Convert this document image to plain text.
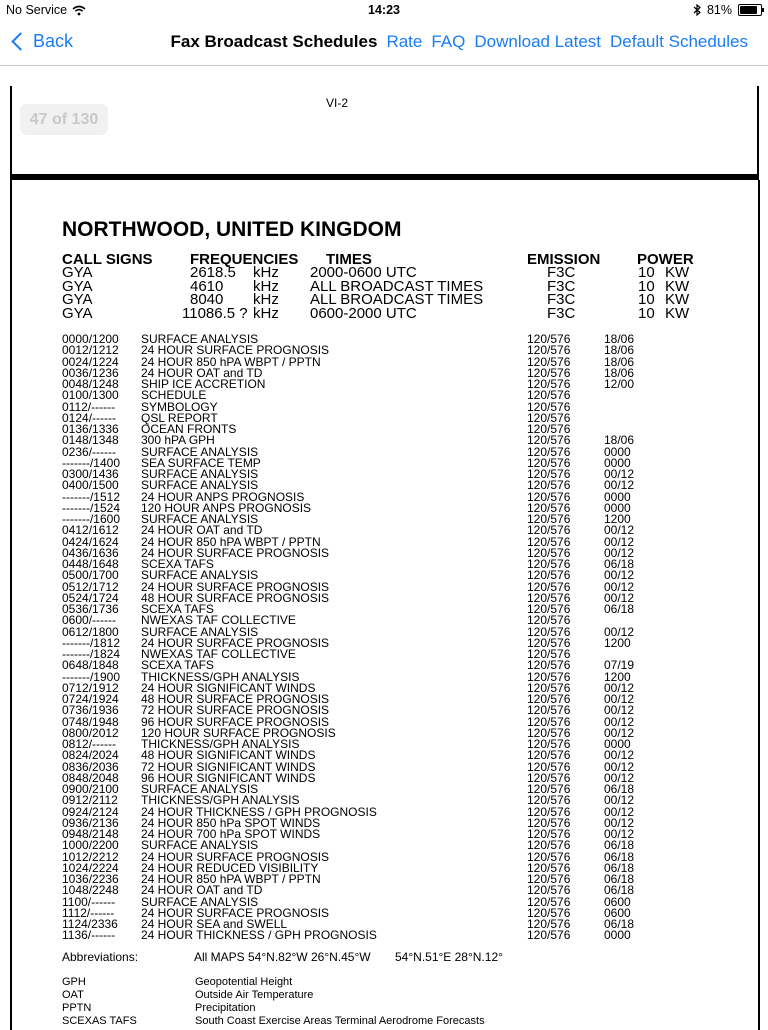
No Service	14:23	81%
Back	Fax Broadcast Schedules Rate FAQ Download Latest Default Schedules
VI-2
47 of 130
NORTHWOOD, UNITED KINGDOM
CALL SIGNS FREQUENCIES TIMES	EMISSION POWER
GYA	2618.5 kHz 2000-0600 UTC	F3C	10 KW
GYA	4610 kHz ALL BROADCAST TIMES	F3C	10 KW
GYA	8040 kHz ALL BROADCAST TIMES	F3C	10 KW
GYA	11086.5 ? kHz 0600-2000 UTC	F3C	10 KW
0000/1200 SURFACE ANALYSIS	120/576	18/06
0012/1212 24 HOUR SURFACE PROGNOSIS	120/576	18/06
0024/1224 24 HOUR 850 hPA WBPT / PPTN	120/576	18/06
0036/1236 24 HOUR OAT and TD	120/576	18/06
0048/1248 SHIP ICE ACCRETION	120/576	12/00
0100/1300 SCHEDULE	120/576
0112/------ SYMBOLOGY	120/576
0124/------ QSL REPORT	120/576
0136/1336 OCEAN FRONTS	120/576
0148/1348 300 hPA GPH	120/576	18/06
0236/------ SURFACE ANALYSIS	120/576	0000
-------/1400 SEA SURFACE TEMP	120/576	0000
0300/1436 SURFACE ANALYSIS	120/576	00/12
0400/1500 SURFACE ANALYSIS	120/576	00/12
-------/1512 24 HOUR ANPS PROGNOSIS	120/576	0000
-------/1524 120 HOUR ANPS PROGNOSIS	120/576	0000
-------/1600 SURFACE ANALYSIS	120/576	1200
0412/1612 24 HOUR OAT and TD	120/576	00/12
0424/1624 24 HOUR 850 hPA WBPT / PPTN	120/576	00/12
0436/1636 24 HOUR SURFACE PROGNOSIS	120/576	00/12
0448/1648 SCEXA TAFS	120/576	06/18
0500/1700 SURFACE ANALYSIS	120/576	00/12
0512/1712 24 HOUR SURFACE PROGNOSIS	120/576	00/12
0524/1724 48 HOUR SURFACE PROGNOSIS	120/576	00/12
0536/1736 SCEXA TAFS	120/576	06/18
0600/------ NWEXAS TAF COLLECTIVE	120/576
0612/1800 SURFACE ANALYSIS	120/576	00/12
-------/1812 24 HOUR SURFACE PROGNOSIS	120/576	1200
-------/1824 NWEXAS TAF COLLECTIVE	120/576
0648/1848 SCEXA TAFS	120/576	07/19
-------/1900 THICKNESS/GPH ANALYSIS	120/576	1200
0712/1912 24 HOUR SIGNIFICANT WINDS	120/576	00/12
0724/1924 48 HOUR SURFACE PROGNOSIS	120/576	00/12
0736/1936 72 HOUR SURFACE PROGNOSIS	120/576	00/12
0748/1948 96 HOUR SURFACE PROGNOSIS	120/576	00/12
0800/2012 120 HOUR SURFACE PROGNOSIS	120/576	00/12
0812/------ THICKNESS/GPH ANALYSIS	120/576	0000
0824/2024 48 HOUR SIGNIFICANT WINDS	120/576	00/12
0836/2036 72 HOUR SIGNIFICANT WINDS	120/576	00/12
0848/2048 96 HOUR SIGNIFICANT WINDS	120/576	00/12
0900/2100 SURFACE ANALYSIS	120/576	06/18
0912/2112 THICKNESS/GPH ANALYSIS	120/576	00/12
0924/2124 24 HOUR THICKNESS / GPH PROGNOSIS	120/576	00/12
0936/2136 24 HOUR 850 hPa SPOT WINDS	120/576	00/12
0948/2148 24 HOUR 700 hPa SPOT WINDS	120/576	00/12
1000/2200 SURFACE ANALYSIS	120/576	06/18
1012/2212 24 HOUR SURFACE PROGNOSIS	120/576	06/18
1024/2224 24 HOUR REDUCED VISIBILITY	120/576	06/18
1036/2236 24 HOUR 850 hPA WBPT / PPTN	120/576	06/18
1048/2248 24 HOUR OAT and TD	120/576	06/18
1100/------ SURFACE ANALYSIS	120/576	0600
1112/------ 24 HOUR SURFACE PROGNOSIS	120/576	0600
1124/2336 24 HOUR SEA and SWELL	120/576	06/18
1136/------ 24 HOUR THICKNESS / GPH PROGNOSIS	120/576	0000
Abbreviations:	All MAPS 54°N.82°W 26°N.45°W 54°N.51°E 28°N.12°
GPH	Geopotential Height
OAT	Outside Air Temperature
PPTN	Precipitation
SCEXAS TAFS	South Coast Exercise Areas Terminal Aerodrome Forecasts
